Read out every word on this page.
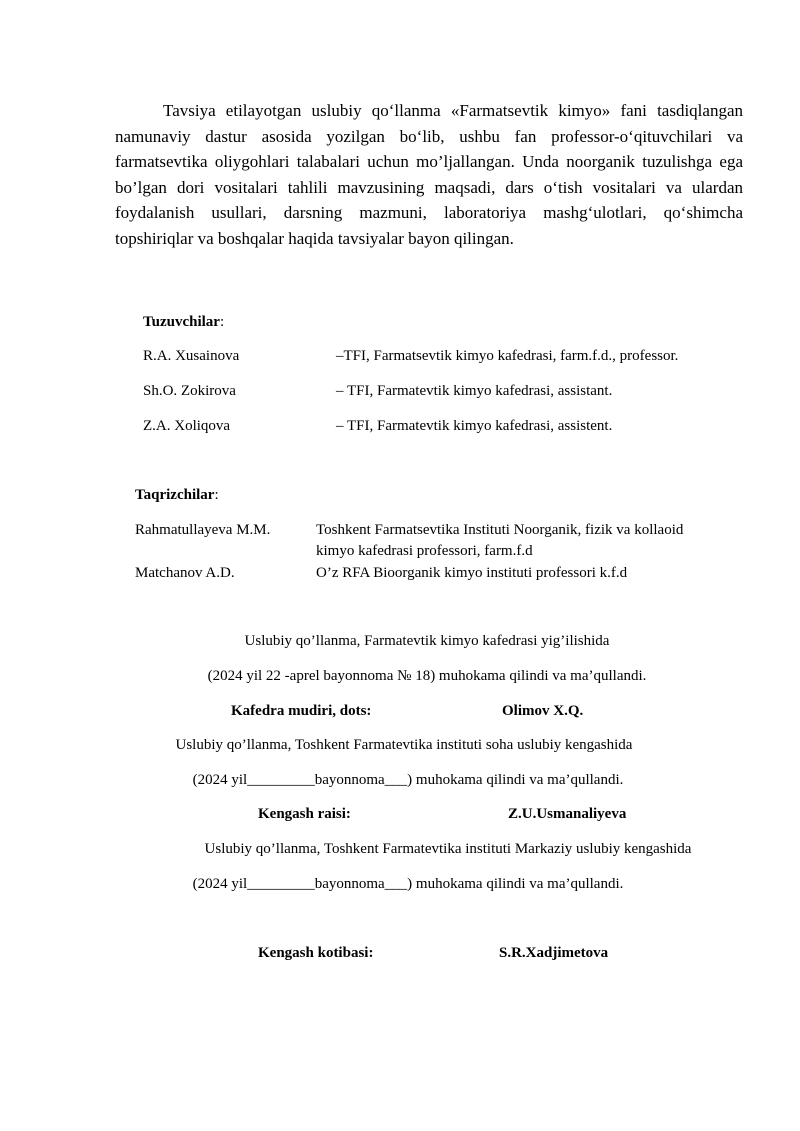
Tavsiya etilayotgan uslubiy qo‘llanma «Farmatsevtik kimyo» fani tasdiqlangan namunaviy dastur asosida yozilgan bo‘lib, ushbu fan professor-o‘qituvchilari va farmatsevtika oliygohlari talabalari uchun mo’ljallangan. Unda noorganik tuzulishga ega bo’lgan dori vositalari tahlili mavzusining maqsadi, dars o‘tish vositalari va ulardan foydalanish usullari, darsning mazmuni, laboratoriya mashg‘ulotlari, qo‘shimcha topshiriqlar va boshqalar haqida tavsiyalar bayon qilingan.

Tuzuvchilar:
R.A. Xusainova	–TFI, Farmatsevtik kimyo kafedrasi, farm.f.d., professor.
Sh.O. Zokirova	– TFI, Farmatevtik kimyo kafedrasi, assistant.
Z.A. Xoliqova	– TFI, Farmatevtik kimyo kafedrasi, assistent.
Taqrizchilar:
Rahmatullayeva M.M.	Toshkent Farmatsevtika Instituti Noorganik, fizik va kollaoid
kimyo kafedrasi professori, farm.f.d
Matchanov A.D.	O’z RFA Bioorganik kimyo instituti professori k.f.d
Uslubiy qo’llanma, Farmatevtik kimyo kafedrasi yig’ilishida
(2024 yil 22 -aprel bayonnoma № 18) muhokama qilindi va ma’qullandi.
Kafedra mudiri, dots:	Olimov X.Q.
Uslubiy qo’llanma, Toshkent Farmatevtika instituti soha uslubiy kengashida
(2024 yil_________bayonnoma___) muhokama qilindi va ma’qullandi.
Kengash raisi:	Z.U.Usmanaliyeva
Uslubiy qo’llanma, Toshkent Farmatevtika instituti Markaziy uslubiy kengashida
(2024 yil_________bayonnoma___) muhokama qilindi va ma’qullandi.
Kengash kotibasi:	S.R.Xadjimetova
